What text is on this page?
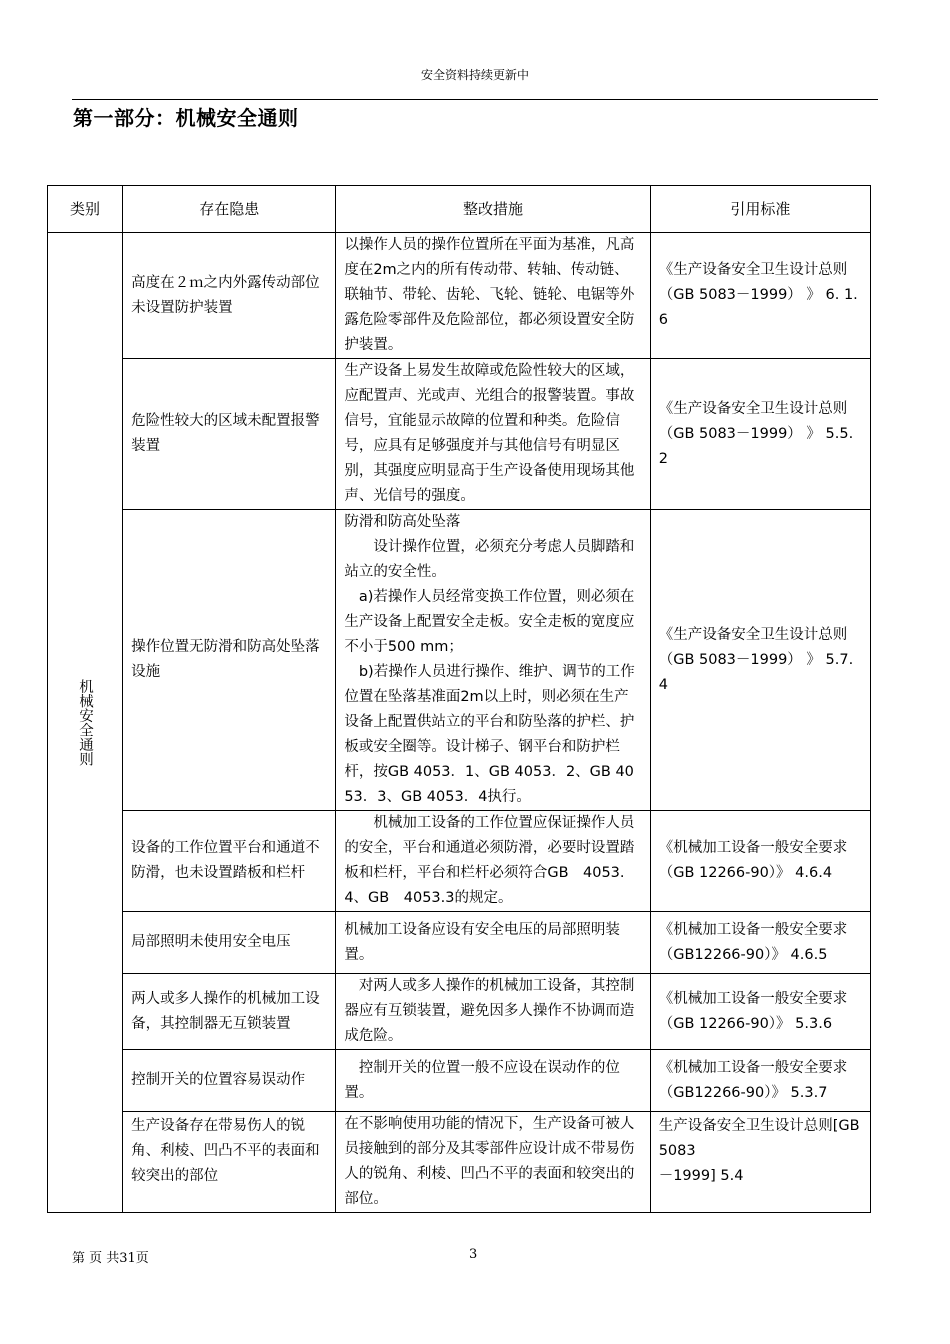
安全资料持续更新中
第一部分：机械安全通则
类别	存在隐患	整改措施	引用标准

机械安全通则	高度在２ｍ之内外露传动部位未设置防护装置	以操作人员的操作位置所在平面为基准，凡高度在2m之内的所有传动带、转轴、传动链、联轴节、带轮、齿轮、飞轮、链轮、电锯等外露危险零部件及危险部位，都必须设置安全防护装置。	《生产设备安全卫生设计总则（GB 5083－1999） 》 6. 1. 6
	危险性较大的区域未配置报警装置	生产设备上易发生故障或危险性较大的区域，应配置声、光或声、光组合的报警装置。事故信号，宜能显示故障的位置和种类。危险信号，应具有足够强度并与其他信号有明显区别，其强度应明显高于生产设备使用现场其他声、光信号的强度。	《生产设备安全卫生设计总则（GB 5083－1999） 》 5.5.2
	操作位置无防滑和防高处坠落设施	防滑和防高处坠落
设计操作位置，必须充分考虑人员脚踏和站立的安全性。
a)若操作人员经常变换工作位置，则必须在生产设备上配置安全走板。安全走板的宽度应不小于500 mm；
b)若操作人员进行操作、维护、调节的工作位置在坠落基准面2m以上时，则必须在生产设备上配置供站立的平台和防坠落的护栏、护板或安全圈等。设计梯子、钢平台和防护栏杆，按GB 4053．1、GB 4053．2、GB 4053．3、GB 4053．4执行。	《生产设备安全卫生设计总则（GB 5083－1999） 》 5.7.4
	设备的工作位置平台和通道不防滑，也未设置踏板和栏杆	机械加工设备的工作位置应保证操作人员的安全，平台和通道必须防滑，必要时设置踏板和栏杆，平台和栏杆必须符合GB　4053.4、GB　4053.3的规定。	《机械加工设备一般安全要求（GB 12266-90）》 4.6.4
	局部照明未使用安全电压	机械加工设备应设有安全电压的局部照明装置。	《机械加工设备一般安全要求（GB12266-90）》 4.6.5
	两人或多人操作的机械加工设备，其控制器无互锁装置	对两人或多人操作的机械加工设备，其控制器应有互锁装置，避免因多人操作不协调而造成危险。	《机械加工设备一般安全要求（GB 12266-90）》 5.3.6
	控制开关的位置容易误动作	控制开关的位置一般不应设在误动作的位置。	《机械加工设备一般安全要求（GB12266-90）》 5.3.7
	生产设备存在带易伤人的锐角、利棱、凹凸不平的表面和较突出的部位	在不影响使用功能的情况下，生产设备可被人员接触到的部分及其零部件应设计成不带易伤人的锐角、利棱、凹凸不平的表面和较突出的部位。	生产设备安全卫生设计总则[GB 5083
－1999] 5.4
第 页 共31页	3
